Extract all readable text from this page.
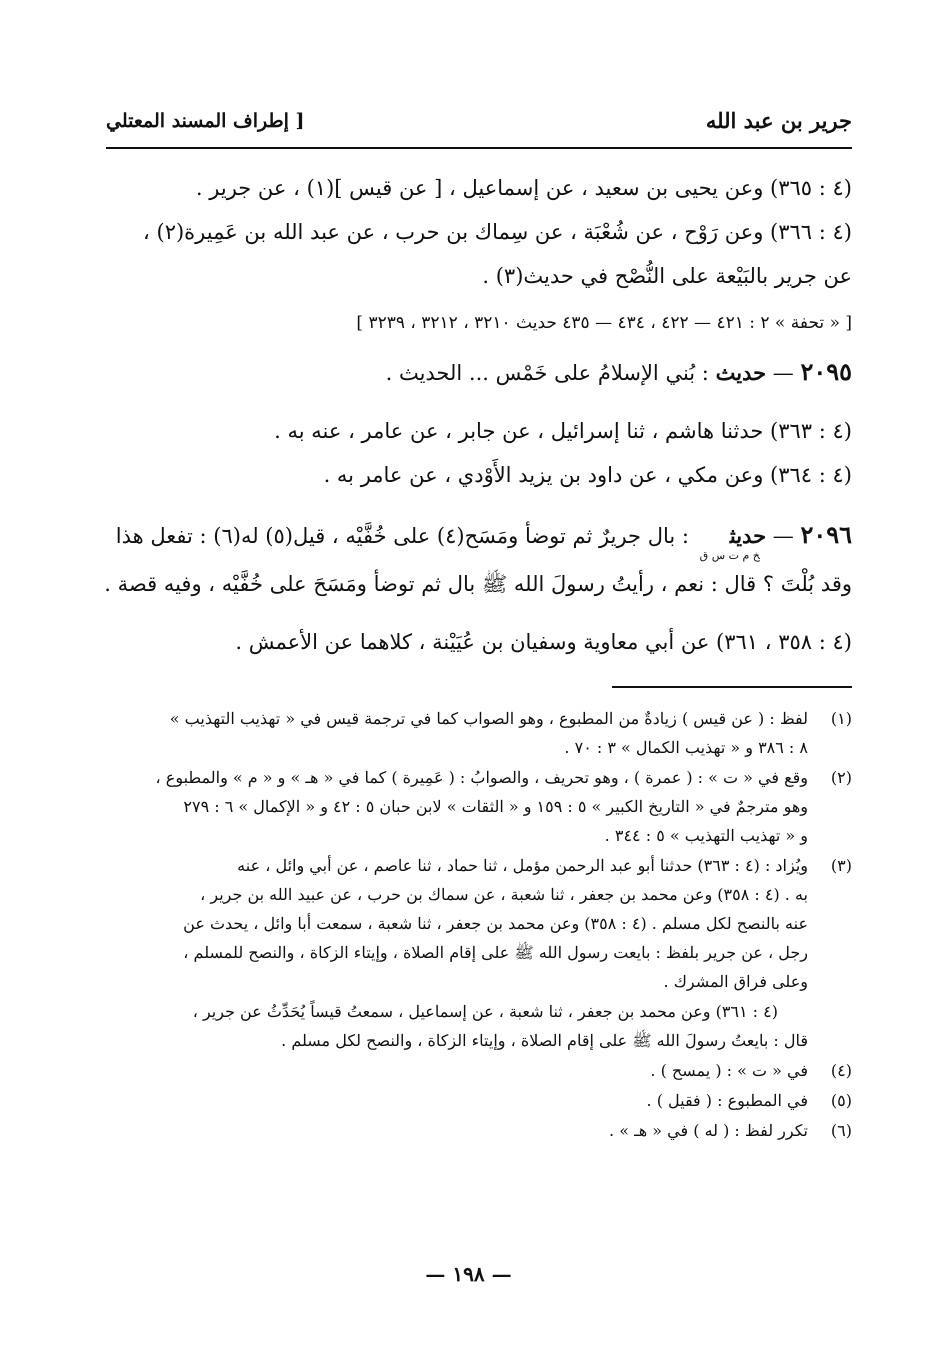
جرير بن عبد الله
[ إطراف المسند المعتلي
(٤ : ٣٦٥) وعن يحيى بن سعيد ، عن إسماعيل ، [ عن قيس ](١) ، عن جرير .
(٤ : ٣٦٦) وعن رَوْح ، عن شُعْبَة ، عن سِماك بن حرب ، عن عبد الله بن عَمِيرة(٢) ،
عن جرير بالبَيْعة على النُّصْح في حديث(٣) .
[ « تحفة » ٢ : ٤٢١ — ٤٢٢ ، ٤٣٤ — ٤٣٥ حديث ٣٢١٠ ، ٣٢١٢ ، ٣٢٣٩ ]
٢٠٩٥ — حديث : بُني الإسلامُ على خَمْس ... الحديث .
(٤ : ٣٦٣) حدثنا هاشم ، ثنا إسرائيل ، عن جابر ، عن عامر ، عنه به .
(٤ : ٣٦٤) وعن مكي ، عن داود بن يزيد الأَوْدي ، عن عامر به .
٢٠٩٦ — حديث$_{خ م ت س ق}$ : بال جريرٌ ثم توضأ ومَسَح(٤) على خُفَّيْه ، قيل(٥) له(٦) : تفعل هذا
وقد بُلْتَ ؟ قال : نعم ، رأيتُ رسولَ الله ﷺ بال ثم توضأ ومَسَحَ على خُفَّيْه ، وفيه قصة .
(٤ : ٣٥٨ ، ٣٦١) عن أبي معاوية وسفيان بن عُيَيْنة ، كلاهما عن الأعمش .
(١)
لفظ : ( عن قيس ) زيادةٌ من المطبوع ، وهو الصواب كما في ترجمة قيس في « تهذيب التهذيب »
٨ : ٣٨٦ و « تهذيب الكمال » ٣ : ٧٠ .
(٢)
وقع في « ت » : ( عمرة ) ، وهو تحريف ، والصوابُ : ( عَمِيرة ) كما في « هـ » و « م » والمطبوع ،
وهو مترجمٌ في « التاريخ الكبير » ٥ : ١٥٩ و « الثقات » لابن حبان ٥ : ٤٢ و « الإكمال » ٦ : ٢٧٩
و « تهذيب التهذيب » ٥ : ٣٤٤ .
(٣)
ويُزاد : (٤ : ٣٦٣) حدثنا أبو عبد الرحمن مؤمل ، ثنا حماد ، ثنا عاصم ، عن أبي وائل ، عنه
به . (٤ : ٣٥٨) وعن محمد بن جعفر ، ثنا شعبة ، عن سماك بن حرب ، عن عبيد الله بن جرير ،
عنه بالنصح لكل مسلم . (٤ : ٣٥٨) وعن محمد بن جعفر ، ثنا شعبة ، سمعت أبا وائل ، يحدث عن
رجل ، عن جرير بلفظ : بايعت رسول الله ﷺ على إقام الصلاة ، وإيتاء الزكاة ، والنصح للمسلم ،
وعلى فراق المشرك .
(٤ : ٣٦١) وعن محمد بن جعفر ، ثنا شعبة ، عن إسماعيل ، سمعتُ قيساً يُحَدِّثُ عن جرير ،
قال : بايعتُ رسولَ الله ﷺ على إقام الصلاة ، وإيتاء الزكاة ، والنصح لكل مسلم .
(٤)
في « ت » : ( يمسح ) .
(٥)
في المطبوع : ( فقيل ) .
(٦)
تكرر لفظ : ( له ) في « هـ » .
— ١٩٨ —
